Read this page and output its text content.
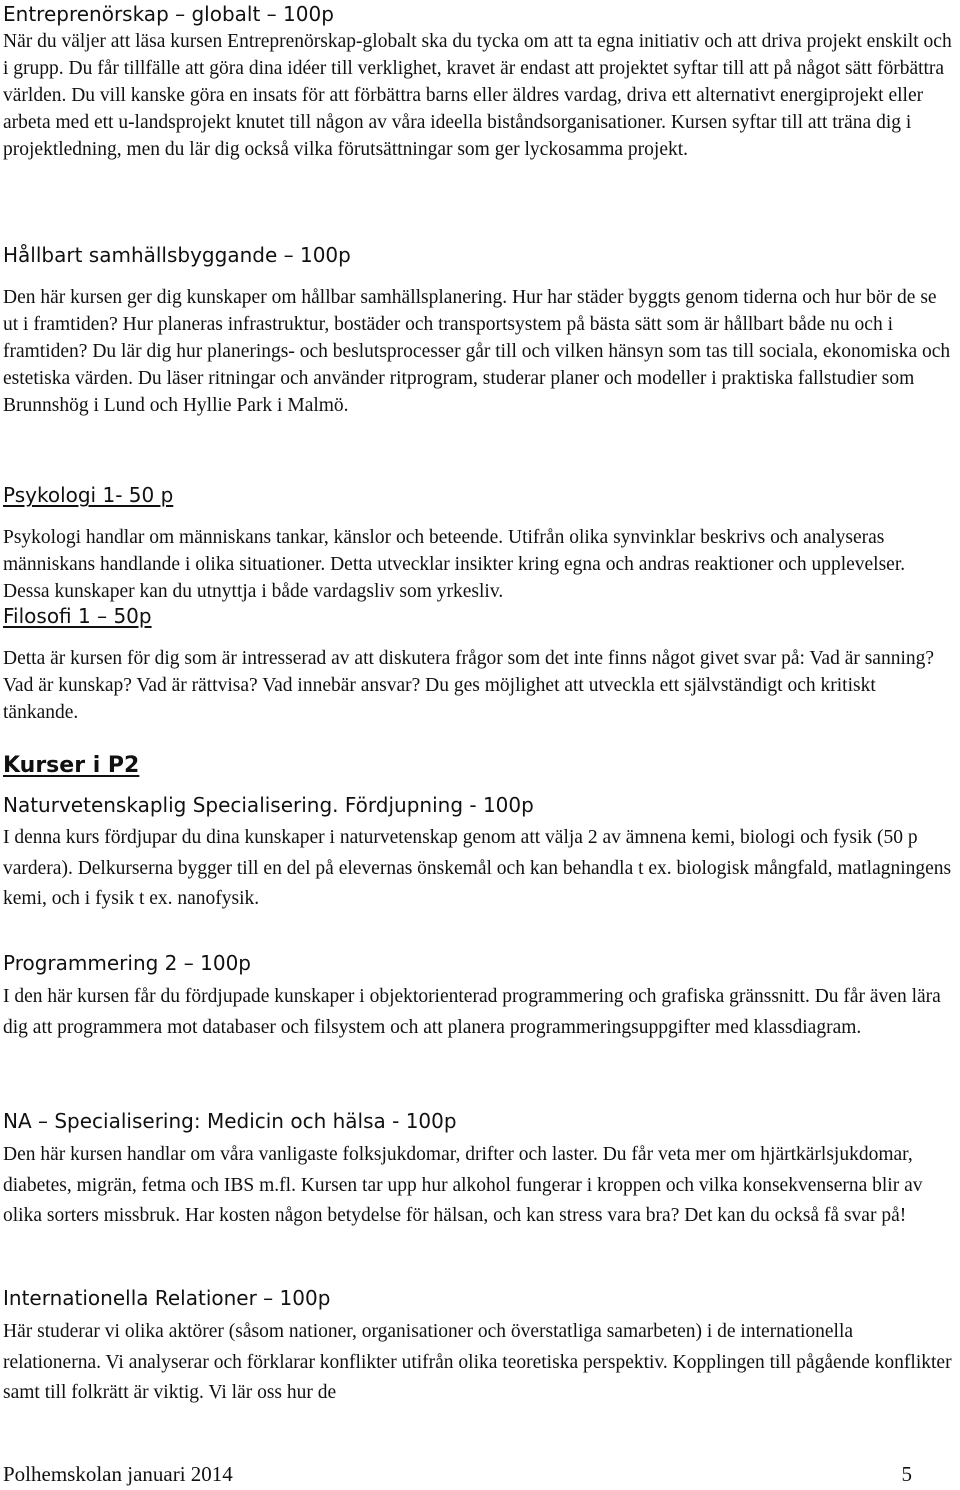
Entreprenörskap – globalt – 100p

När du väljer att läsa kursen Entreprenörskap-globalt ska du tycka om att ta egna initiativ och att driva projekt enskilt och i grupp. Du får tillfälle att göra dina idéer till verklighet, kravet är endast att projektet syftar till att på något sätt förbättra världen. Du vill kanske göra en insats för att förbättra barns eller äldres vardag, driva ett alternativt energiprojekt eller arbeta med ett u-landsprojekt knutet till någon av våra ideella biståndsorganisationer. Kursen syftar till att träna dig i projektledning, men du lär dig också vilka förutsättningar som ger lyckosamma projekt.

Hållbart samhällsbyggande – 100p

Den här kursen ger dig kunskaper om hållbar samhällsplanering. Hur har städer byggts genom tiderna och hur bör de se ut i framtiden? Hur planeras infrastruktur, bostäder och transportsystem på bästa sätt som är hållbart både nu och i framtiden? Du lär dig hur planerings- och beslutsprocesser går till och vilken hänsyn som tas till sociala, ekonomiska och estetiska värden. Du läser ritningar och använder ritprogram, studerar planer och modeller i praktiska fallstudier som Brunnshög i Lund och Hyllie Park i Malmö.

Psykologi 1- 50 p

Psykologi handlar om människans tankar, känslor och beteende. Utifrån olika synvinklar beskrivs och analyseras människans handlande i olika situationer. Detta utvecklar insikter kring egna och andras reaktioner och upplevelser. Dessa kunskaper kan du utnyttja i både vardagsliv som yrkesliv.

Filosofi 1 – 50p

Detta är kursen för dig som är intresserad av att diskutera frågor som det inte finns något givet svar på: Vad är sanning? Vad är kunskap? Vad är rättvisa? Vad innebär ansvar? Du ges möjlighet att utveckla ett självständigt och kritiskt tänkande.

Kurser i P2
Naturvetenskaplig Specialisering. Fördjupning - 100p

I denna kurs fördjupar du dina kunskaper i naturvetenskap genom att välja 2 av ämnena kemi, biologi och fysik (50 p vardera). Delkurserna bygger till en del på elevernas önskemål och kan behandla t ex. biologisk mångfald, matlagningens kemi, och i fysik t ex. nanofysik.

Programmering 2 – 100p

I den här kursen får du fördjupade kunskaper i objektorienterad programmering och grafiska gränssnitt. Du får även lära dig att programmera mot databaser och filsystem och att planera programmeringsuppgifter med klassdiagram.

NA – Specialisering: Medicin och hälsa - 100p

Den här kursen handlar om våra vanligaste folksjukdomar, drifter och laster. Du får veta mer om hjärtkärlsjukdomar, diabetes, migrän, fetma och IBS m.fl. Kursen tar upp hur alkohol fungerar i kroppen och vilka konsekvenserna blir av olika sorters missbruk. Har kosten någon betydelse för hälsan, och kan stress vara bra? Det kan du också få svar på!

Internationella Relationer – 100p

Här studerar vi olika aktörer (såsom nationer, organisationer och överstatliga samarbeten) i de internationella relationerna. Vi analyserar och förklarar konflikter utifrån olika teoretiska perspektiv. Kopplingen till pågående konflikter samt till folkrätt är viktig. Vi lär oss hur de

Polhemskolan januari 2014	5
